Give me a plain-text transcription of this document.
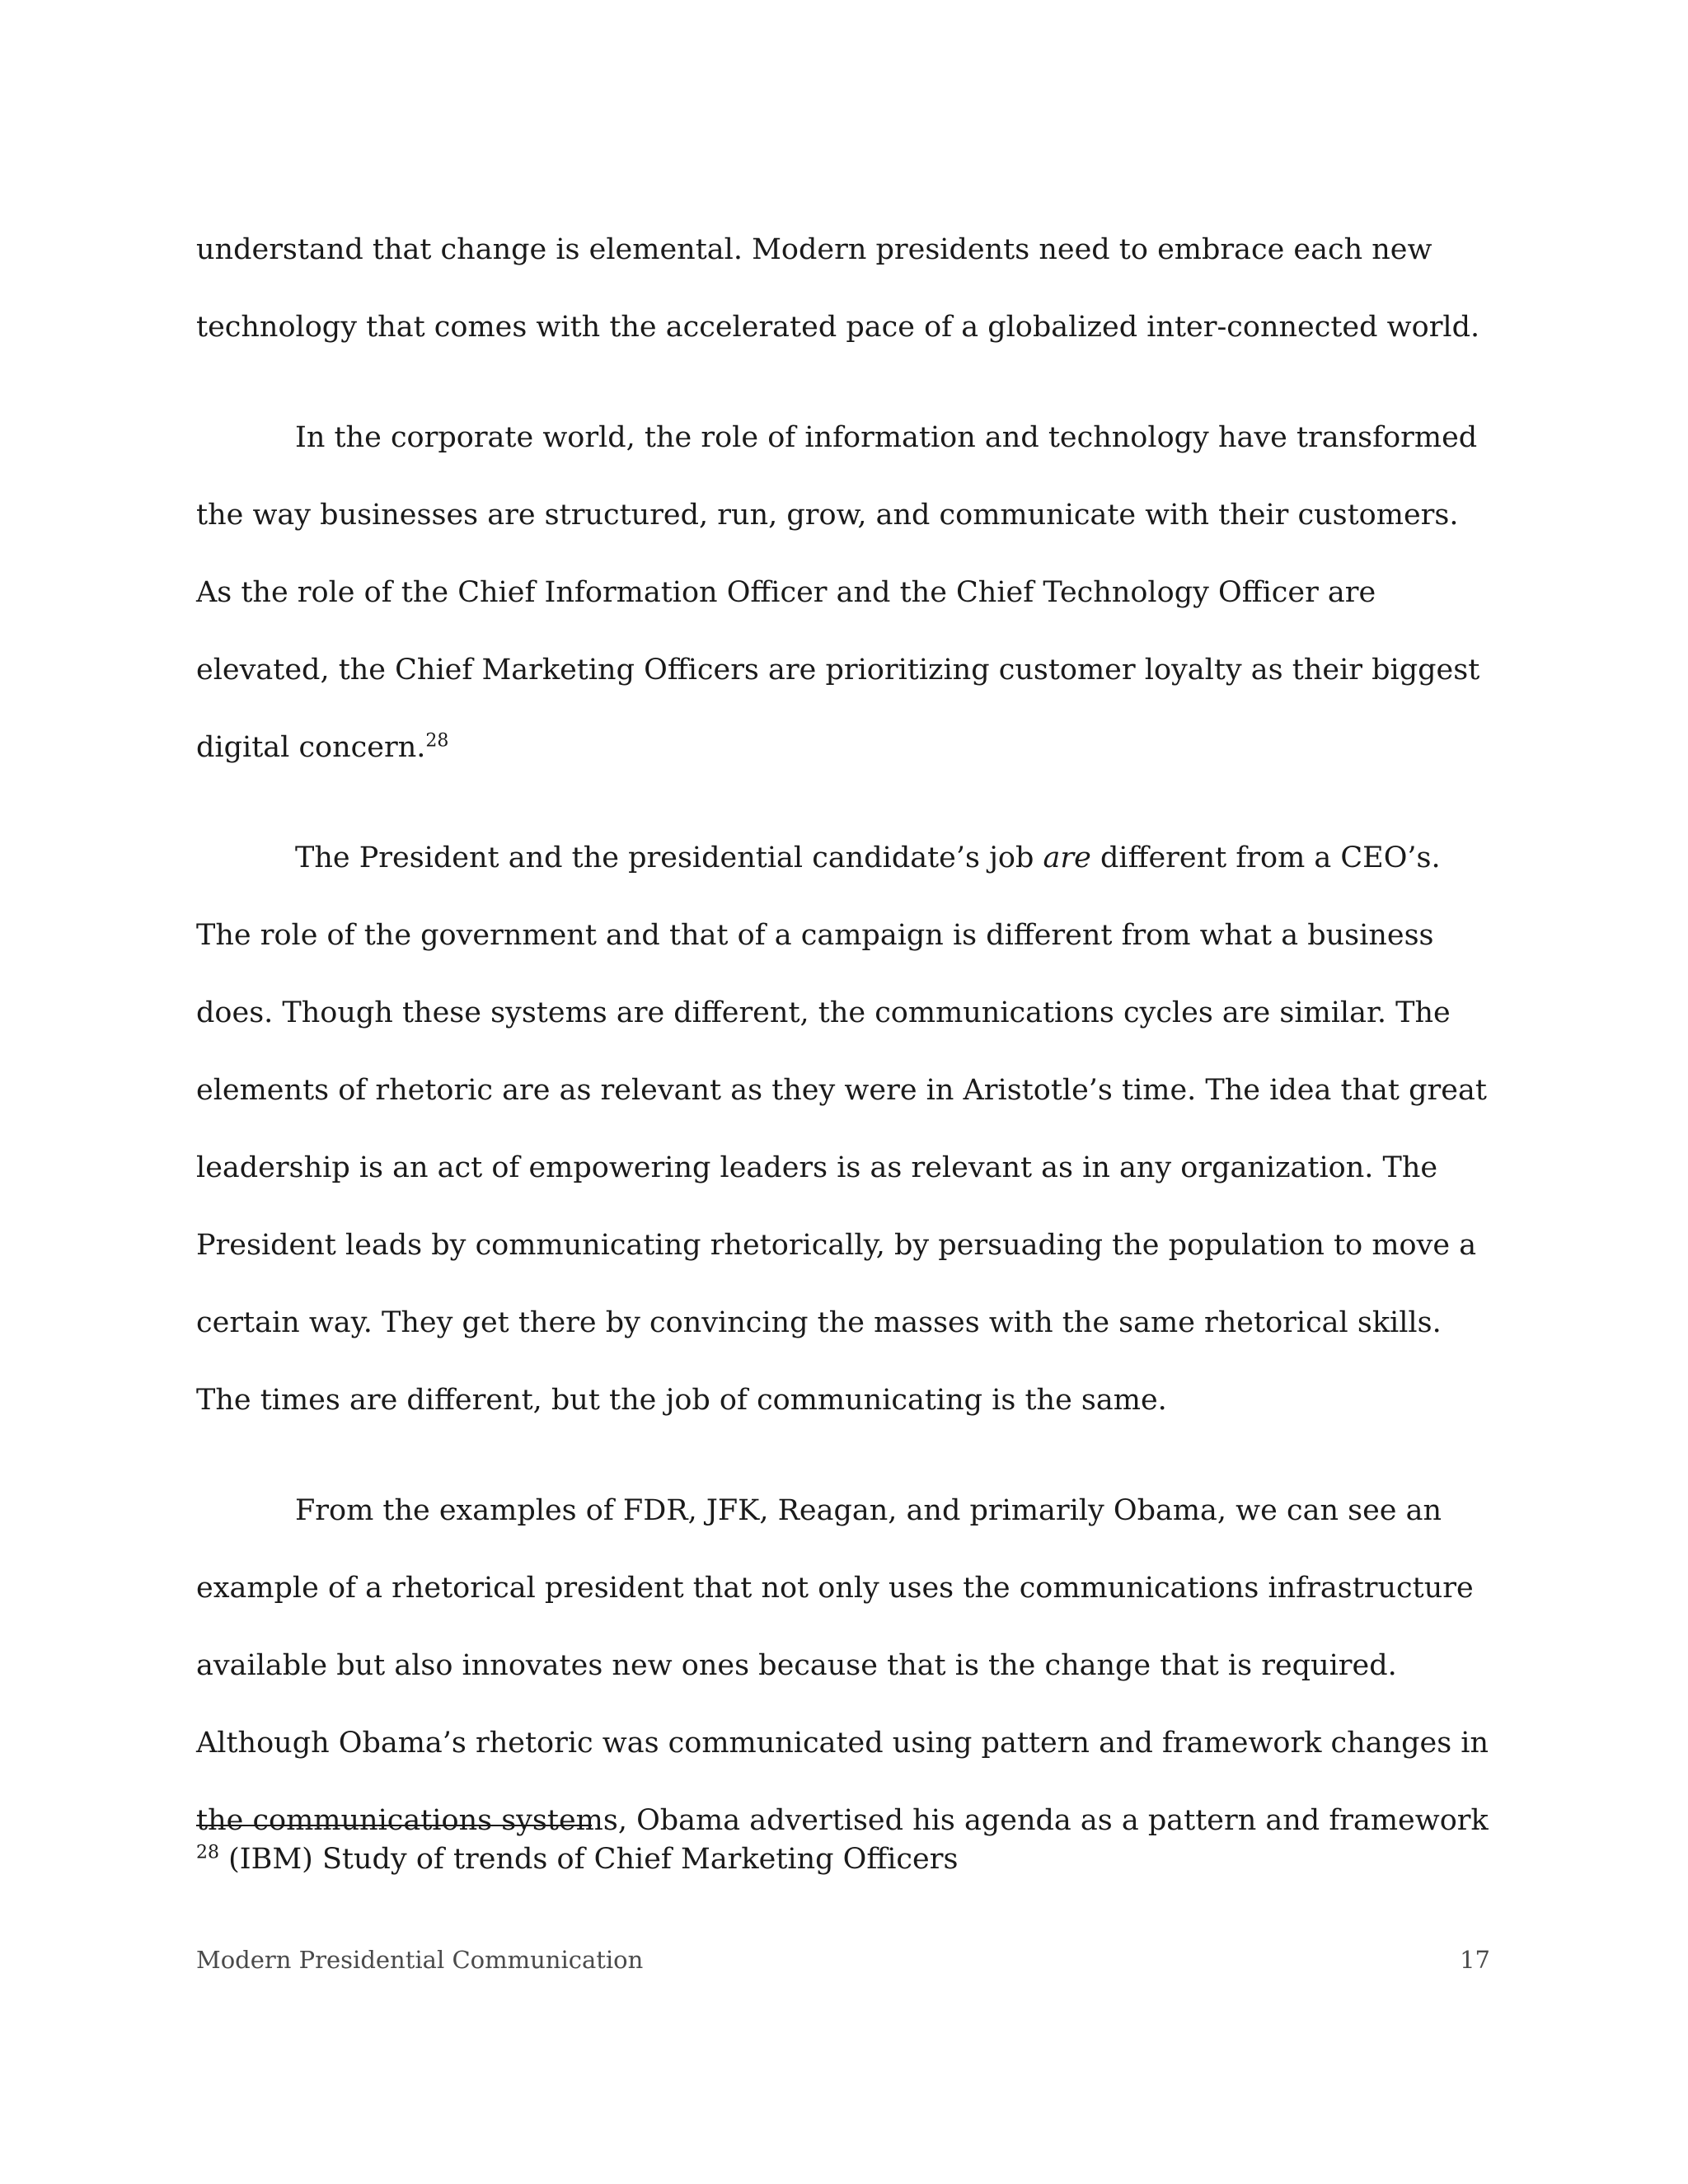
understand that change is elemental. Modern presidents need to embrace each new technology that comes with the accelerated pace of a globalized inter-connected world.

In the corporate world, the role of information and technology have transformed the way businesses are structured, run, grow, and communicate with their customers. As the role of the Chief Information Officer and the Chief Technology Officer are elevated, the Chief Marketing Officers are prioritizing customer loyalty as their biggest digital concern.$^{28}$

The President and the presidential candidate’s job are different from a CEO’s. The role of the government and that of a campaign is different from what a business does. Though these systems are different, the communications cycles are similar. The elements of rhetoric are as relevant as they were in Aristotle’s time. The idea that great leadership is an act of empowering leaders is as relevant as in any organization. The President leads by communicating rhetorically, by persuading the population to move a certain way. They get there by convincing the masses with the same rhetorical skills. The times are different, but the job of communicating is the same.

From the examples of FDR, JFK, Reagan, and primarily Obama, we can see an example of a rhetorical president that not only uses the communications infrastructure available but also innovates new ones because that is the change that is required. Although Obama’s rhetoric was communicated using pattern and framework changes in the communications systems, Obama advertised his agenda as a pattern and framework

$^{28}$ (IBM) Study of trends of Chief Marketing Officers
Modern Presidential Communication	17
